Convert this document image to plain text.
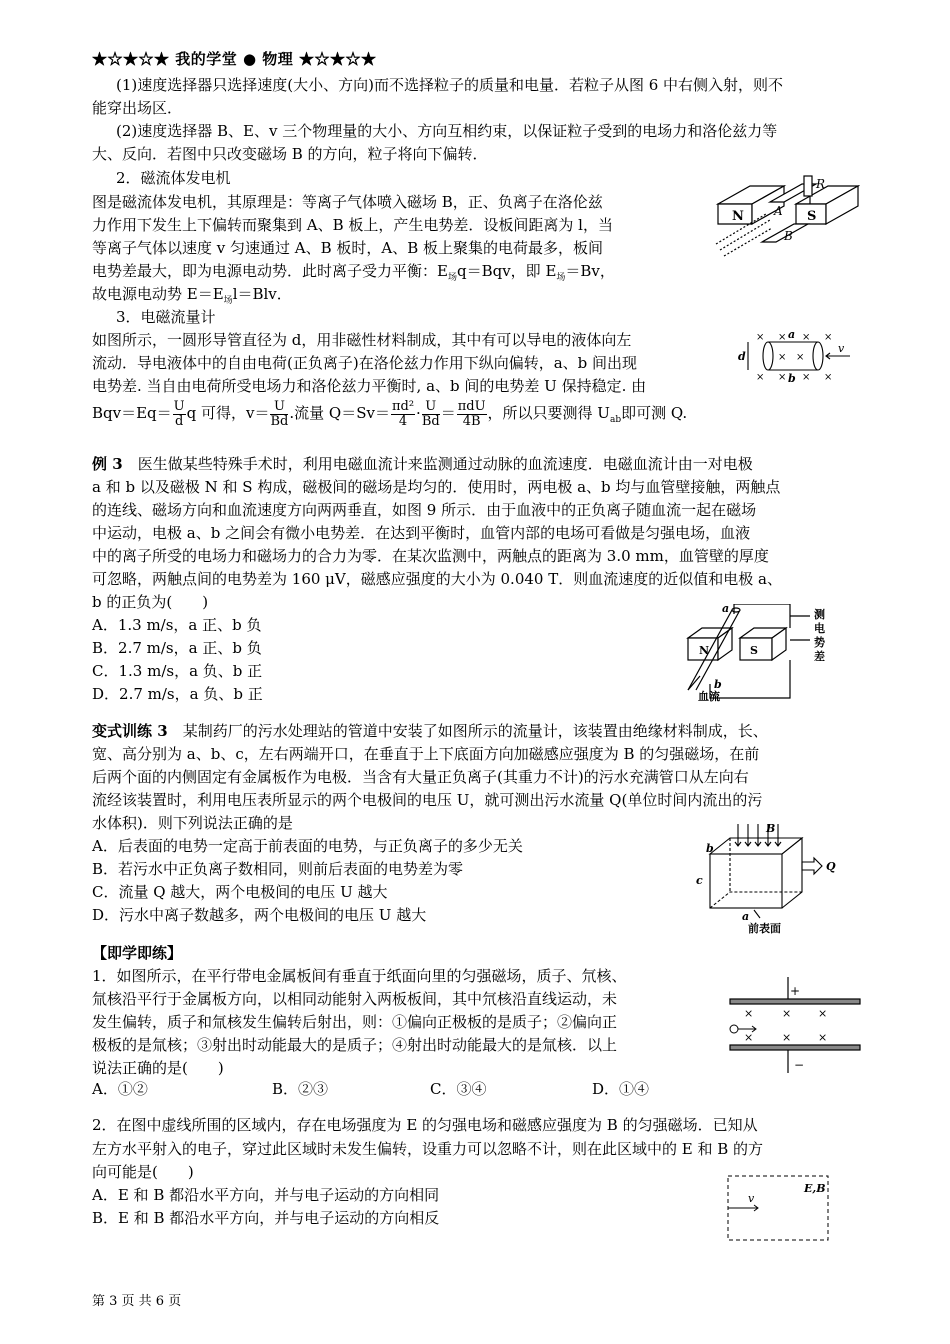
★☆★☆★ 我的学堂 ● 物理 ★☆★☆★
(1)速度选择器只选择速度(大小、方向)而不选择粒子的质量和电量．若粒子从图 6 中右侧入射，则不
能穿出场区．
(2)速度选择器 B、E、v 三个物理量的大小、方向互相约束，以保证粒子受到的电场力和洛伦兹力等
大、反向．若图中只改变磁场 B 的方向，粒子将向下偏转．
2．磁流体发电机
图是磁流体发电机，其原理是：等离子气体喷入磁场 B，正、负离子在洛伦兹
力作用下发生上下偏转而聚集到 A、B 板上，产生电势差．设板间距离为 l，当
等离子气体以速度 v 匀速通过 A、B 板时，A、B 板上聚集的电荷最多，板间
电势差最大，即为电源电动势．此时离子受力平衡：$E_场q=Bqv$，即 $E_场=Bv$，
故电源电动势 $E=E_场l=Blv$．
N	S
A
B
R
3．电磁流量计
如图所示，一圆形导管直径为 d，用非磁性材料制成，其中有可以导电的液体向左
流动．导电液体中的自由电荷(正负离子)在洛伦兹力作用下纵向偏转，a、b 间出现
电势差. 当自由电荷所受电场力和洛伦兹力平衡时, a、b 间的电势差 U 保持稳定. 由
× × × ×
× × × ×
× ×
d
a
b
v
$Bqv=Eq= \frac{U}{d}$ q 可得，$v= \frac{U}{Bd}$ .流量 $Q=Sv= \frac{\text{πd²}}{4} \cdot \frac{U}{Bd} = \frac{\text{πdU}}{4B}$ ，所以只要测得 $U_{ab}$即可测 Q.
例 3　 医生做某些特殊手术时，利用电磁血流计来监测通过动脉的血流速度．电磁血流计由一对电极
a 和 b 以及磁极 N 和 S 构成，磁极间的磁场是均匀的．使用时，两电极 a、b 均与血管壁接触，两触点
的连线、磁场方向和血流速度方向两两垂直，如图 9 所示．由于血液中的正负离子随血流一起在磁场
中运动，电极 a、b 之间会有微小电势差．在达到平衡时，血管内部的电场可看做是匀强电场，血液
中的离子所受的电场力和磁场力的合力为零．在某次监测中，两触点的距离为 3.0 mm，血管壁的厚度
可忽略，两触点间的电势差为 160 μV，磁感应强度的大小为 0.040 T．则血流速度的近似值和电极 a、
b 的正负为(　　)
A．1.3 m/s，a 正、b 负
B．2.7 m/s，a 正、b 负
C．1.3 m/s，a 负、b 正
D．2.7 m/s，a 负、b 正
N	S
a
b
血流
测
电
势
差
变式训练 3　 某制药厂的污水处理站的管道中安装了如图所示的流量计，该装置由绝缘材料制成，长、
宽、高分别为 a、b、c，左右两端开口，在垂直于上下底面方向加磁感应强度为 B 的匀强磁场，在前
后两个面的内侧固定有金属板作为电极．当含有大量正负离子(其重力不计)的污水充满管口从左向右
流经该装置时，利用电压表所显示的两个电极间的电压 U，就可测出污水流量 Q(单位时间内流出的污
水体积)．则下列说法正确的是
A．后表面的电势一定高于前表面的电势，与正负离子的多少无关
B．若污水中正负离子数相同，则前后表面的电势差为零
C．流量 Q 越大，两个电极间的电压 U 越大
D．污水中离子数越多，两个电极间的电压 U 越大
B
b
c
a
Q
前表面
【即学即练】
1．如图所示，在平行带电金属板间有垂直于纸面向里的匀强磁场，质子、氘核、
氚核沿平行于金属板方向，以相同动能射入两板板间，其中氘核沿直线运动，未
发生偏转，质子和氚核发生偏转后射出，则：①偏向正极板的是质子；②偏向正
极板的是氚核；③射出时动能最大的是质子；④射出时动能最大的是氚核．以上
说法正确的是(　　)
A．①②	B．②③	C．③④	D．①④
+
−
×	× ×
×	× ×
2．在图中虚线所围的区域内，存在电场强度为 E 的匀强电场和磁感应强度为 B 的匀强磁场．已知从
左方水平射入的电子，穿过此区域时未发生偏转，设重力可以忽略不计，则在此区域中的 E 和 B 的方
向可能是(　　)
A．E 和 B 都沿水平方向，并与电子运动的方向相同
B．E 和 B 都沿水平方向，并与电子运动的方向相反
E,B
v
第 3 页 共 6 页
